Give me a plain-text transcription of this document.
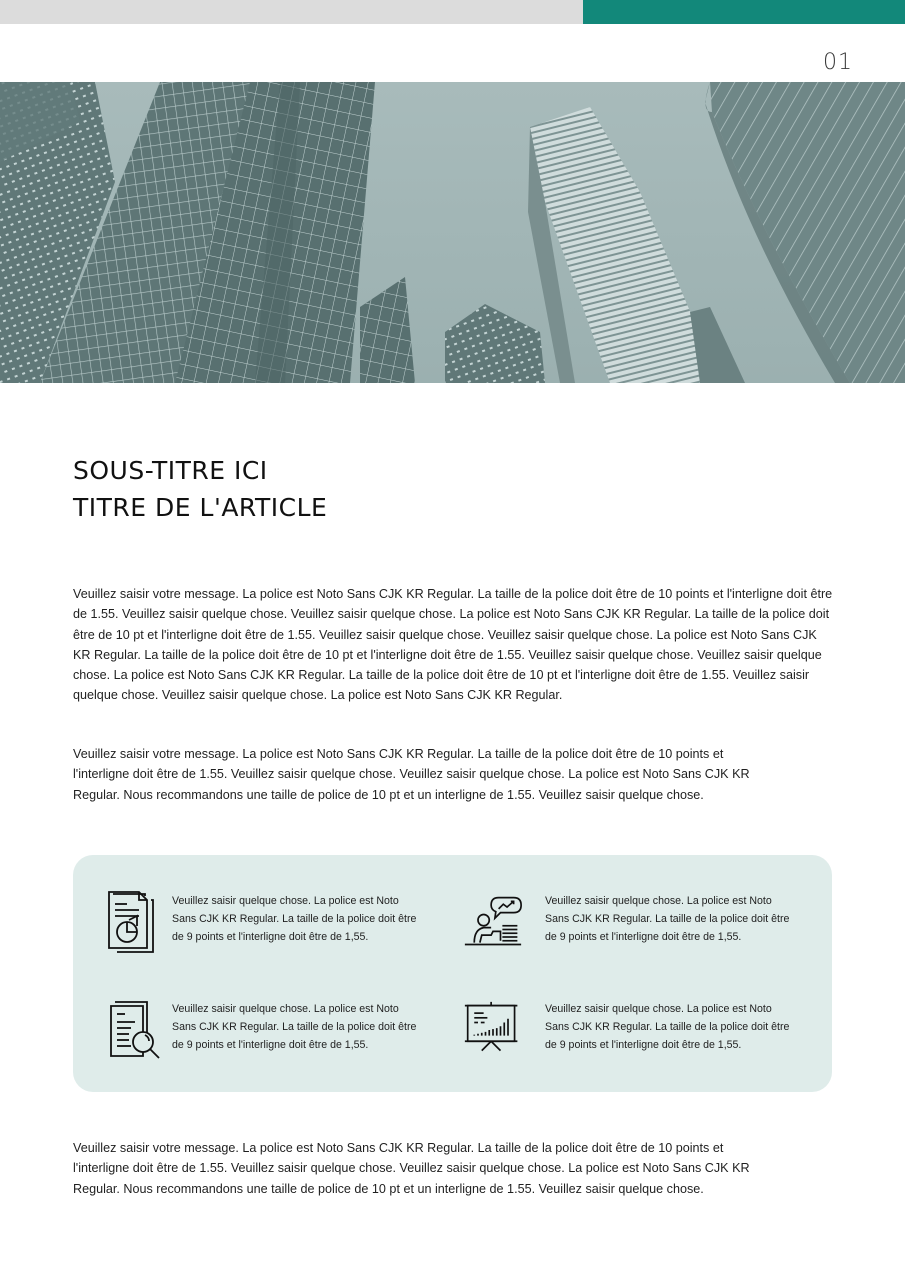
01
SOUS-TITRE ICI
TITRE DE L'ARTICLE

Veuillez saisir votre message. La police est Noto Sans CJK KR Regular. La taille de la police doit être de 10 points et l'interligne doit être de 1.55. Veuillez saisir quelque chose. Veuillez saisir quelque chose. La police est Noto Sans CJK KR Regular. La taille de la police doit être de 10 pt et l'interligne doit être de 1.55. Veuillez saisir quelque chose. Veuillez saisir quelque chose. La police est Noto Sans CJK KR Regular. La taille de la police doit être de 10 pt et l'interligne doit être de 1.55. Veuillez saisir quelque chose. Veuillez saisir quelque chose. La police est Noto Sans CJK KR Regular. La taille de la police doit être de 10 pt et l'interligne doit être de 1.55. Veuillez saisir quelque chose. Veuillez saisir quelque chose. La police est Noto Sans CJK KR Regular.

Veuillez saisir votre message. La police est Noto Sans CJK KR Regular. La taille de la police doit être de 10 points et l'interligne doit être de 1.55. Veuillez saisir quelque chose. Veuillez saisir quelque chose. La police est Noto Sans CJK KR Regular. Nous recommandons une taille de police de 10 pt et un interligne de 1.55. Veuillez saisir quelque chose.

Veuillez saisir quelque chose. La police est Noto Sans CJK KR Regular. La taille de la police doit être de 9 points et l'interligne doit être de 1,55.
Veuillez saisir quelque chose. La police est Noto Sans CJK KR Regular. La taille de la police doit être de 9 points et l'interligne doit être de 1,55.
Veuillez saisir quelque chose. La police est Noto Sans CJK KR Regular. La taille de la police doit être de 9 points et l'interligne doit être de 1,55.
Veuillez saisir quelque chose. La police est Noto Sans CJK KR Regular. La taille de la police doit être de 9 points et l'interligne doit être de 1,55.

Veuillez saisir votre message. La police est Noto Sans CJK KR Regular. La taille de la police doit être de 10 points et l'interligne doit être de 1.55. Veuillez saisir quelque chose. Veuillez saisir quelque chose. La police est Noto Sans CJK KR Regular. Nous recommandons une taille de police de 10 pt et un interligne de 1.55. Veuillez saisir quelque chose.
